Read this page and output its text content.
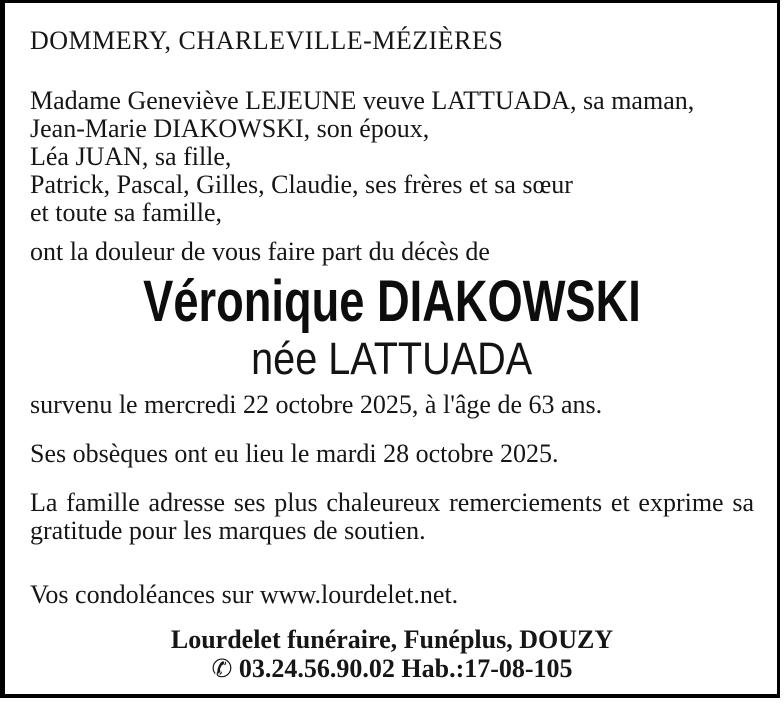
DOMMERY, CHARLEVILLE-MÉZIÈRES

Madame Geneviève LEJEUNE veuve LATTUADA, sa maman,
Jean-Marie DIAKOWSKI, son époux,
Léa JUAN, sa fille,
Patrick, Pascal, Gilles, Claudie, ses frères et sa sœur
et toute sa famille,

ont la douleur de vous faire part du décès de

Véronique DIAKOWSKI
née LATTUADA

survenu le mercredi 22 octobre 2025, à l'âge de 63 ans.

Ses obsèques ont eu lieu le mardi 28 octobre 2025.

La famille adresse ses plus chaleureux remerciements et exprime sa gratitude pour les marques de soutien.

Vos condoléances sur www.lourdelet.net.

Lourdelet funéraire, Funéplus, DOUZY

✆ 03.24.56.90.02 Hab.:17-08-105
